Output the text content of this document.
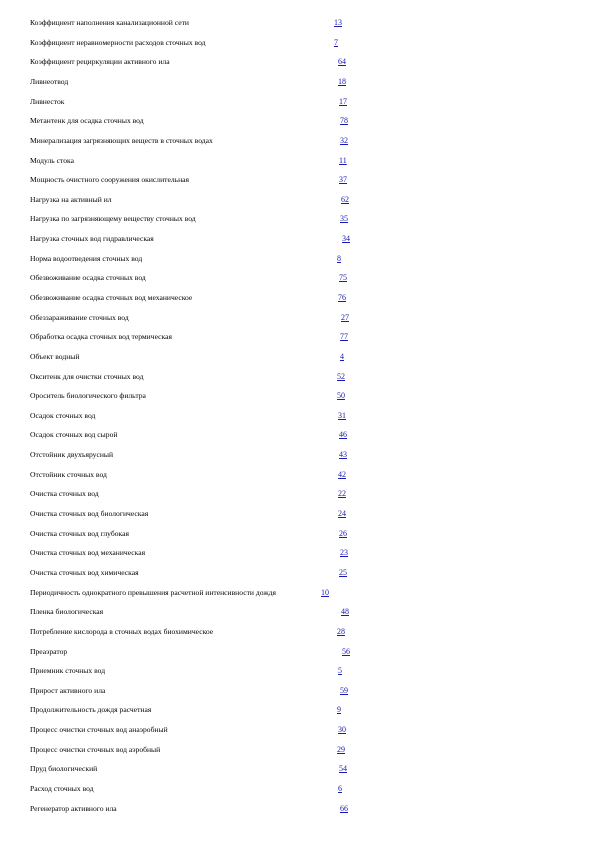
Коэффициент наполнения канализационной сети	13
Коэффициент неравномерности расходов сточных вод	7
Коэффициент рециркуляции активного ила	64
Ливнеотвод	18
Ливнесток	17
Метантенк для осадка сточных вод	78
Минерализация загрязняющих веществ в сточных водах	32
Модуль стока	11
Мощность очистного сооружения окислительная	37
Нагрузка на активный ил	62
Нагрузка по загрязняющему веществу сточных вод	35
Нагрузка сточных вод гидравлическая	34
Норма водоотведения сточных вод	8
Обезвоживание осадка сточных вод	75
Обезвоживание осадка сточных вод механическое	76
Обеззараживание сточных вод	27
Обработка осадка сточных вод термическая	77
Объект водный	4
Окситенк для очистки сточных вод	52
Ороситель биологического фильтра	50
Осадок сточных вод	31
Осадок сточных вод сырой	46
Отстойник двухъярусный	43
Отстойник сточных вод	42
Очистка сточных вод	22
Очистка сточных вод биологическая	24
Очистка сточных вод глубокая	26
Очистка сточных вод механическая	23
Очистка сточных вод химическая	25
Периодичность однократного превышения расчетной интенсивности дождя	10
Пленка биологическая	48
Потребление кислорода в сточных водах биохимическое	28
Преаэратор	56
Приемник сточных вод	5
Прирост активного ила	59
Продолжительность дождя расчетная	9
Процесс очистки сточных вод анаэробный	30
Процесс очистки сточных вод аэробный	29
Пруд биологический	54
Расход сточных вод	6
Регенератор активного ила	66
